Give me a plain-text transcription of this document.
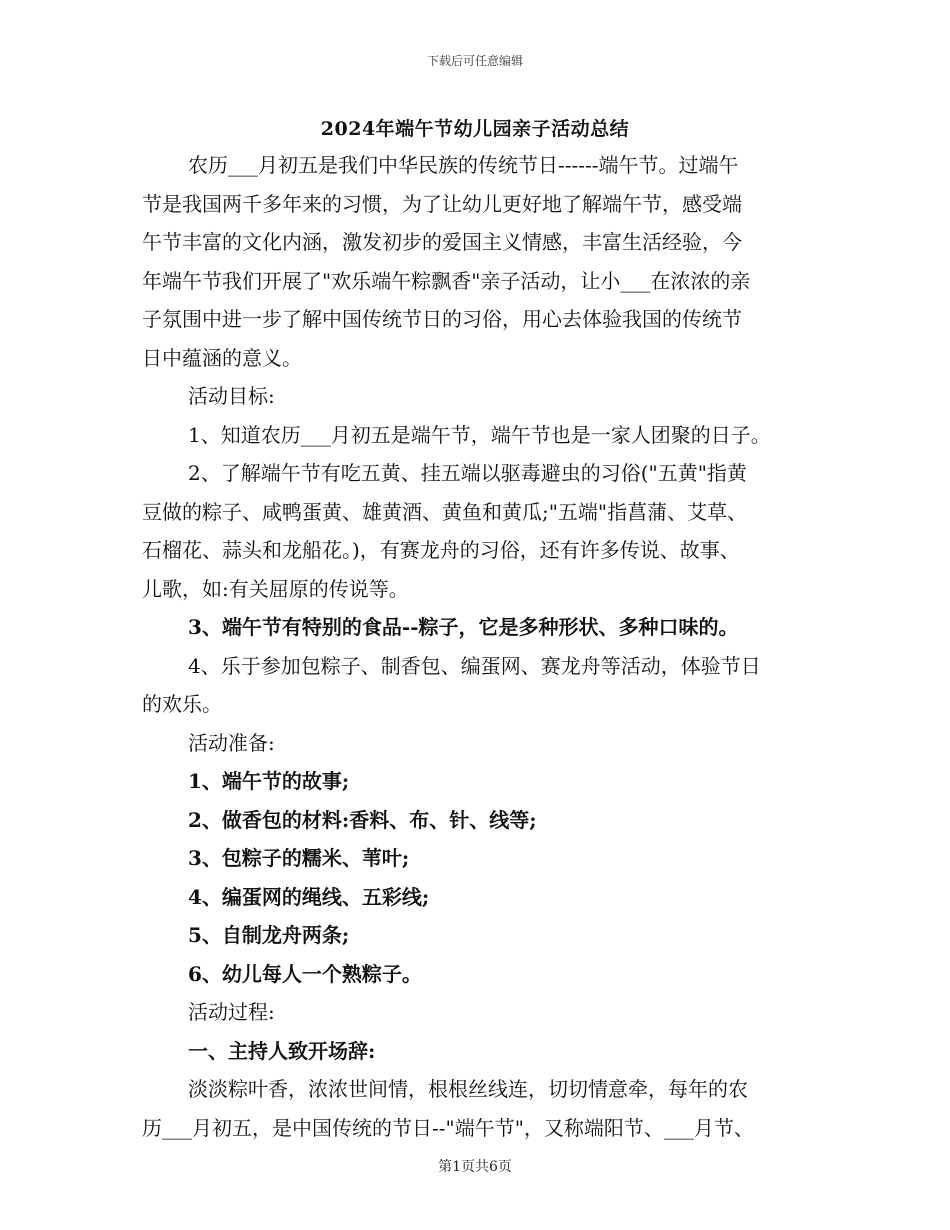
下载后可任意编辑
2024年端午节幼儿园亲子活动总结
农历___月初五是我们中华民族的传统节日------端午节。过端午
节是我国两千多年来的习惯，为了让幼儿更好地了解端午节，感受端
午节丰富的文化内涵，激发初步的爱国主义情感，丰富生活经验，今
年端午节我们开展了"欢乐端午粽飘香"亲子活动，让小___在浓浓的亲
子氛围中进一步了解中国传统节日的习俗，用心去体验我国的传统节
日中蕴涵的意义。
活动目标:
1、知道农历___月初五是端午节，端午节也是一家人团聚的日子。
2、了解端午节有吃五黄、挂五端以驱毒避虫的习俗("五黄"指黄
豆做的粽子、咸鸭蛋黄、雄黄酒、黄鱼和黄瓜;"五端"指菖蒲、艾草、
石榴花、蒜头和龙船花。)，有赛龙舟的习俗，还有许多传说、故事、
儿歌，如:有关屈原的传说等。
3、端午节有特别的食品--粽子，它是多种形状、多种口味的。
4、乐于参加包粽子、制香包、编蛋网、赛龙舟等活动，体验节日
的欢乐。
活动准备:
1、端午节的故事;
2、做香包的材料:香料、布、针、线等;
3、包粽子的糯米、苇叶;
4、编蛋网的绳线、五彩线;
5、自制龙舟两条;
6、幼儿每人一个熟粽子。
活动过程:
一、主持人致开场辞:
淡淡粽叶香，浓浓世间情，根根丝线连，切切情意牵，每年的农
历___月初五，是中国传统的节日--"端午节"，又称端阳节、___月节、
第1页共6页
